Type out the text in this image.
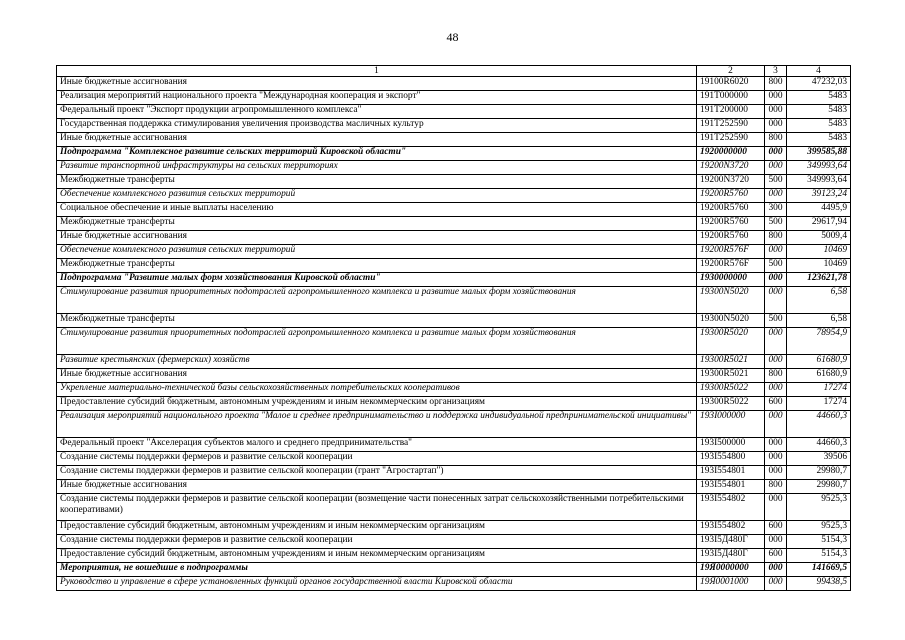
48
1	2	3	4
Иные бюджетные ассигнования	19100R6020	800	47232,03
Реализация мероприятий национального проекта "Международная кооперация и экспорт"	191T000000	000	5483
Федеральный проект "Экспорт продукции агропромышленного комплекса"	191T200000	000	5483
Государственная поддержка стимулирования увеличения производства масличных культур	191T252590	000	5483
Иные бюджетные ассигнования	191T252590	800	5483
Подпрограмма "Комплексное развитие сельских территорий Кировской области"	1920000000	000	399585,88
Развитие транспортной инфраструктуры на сельских территориях	19200N3720	000	349993,64
Межбюджетные трансферты	19200N3720	500	349993,64
Обеспечение комплексного развития сельских территорий	19200R5760	000	39123,24
Социальное обеспечение и иные выплаты населению	19200R5760	300	4495,9
Межбюджетные трансферты	19200R5760	500	29617,94
Иные бюджетные ассигнования	19200R5760	800	5009,4
Обеспечение комплексного развития сельских территорий	19200R576F	000	10469
Межбюджетные трансферты	19200R576F	500	10469
Подпрограмма "Развитие малых форм хозяйствования Кировской области"	1930000000	000	123621,78
Стимулирование развития приоритетных подотраслей агропромышленного комплекса и развитие малых форм хозяйствования	19300N5020	000	6,58
Межбюджетные трансферты	19300N5020	500	6,58
Стимулирование развития приоритетных подотраслей агропромышленного комплекса и развитие малых форм хозяйствования	19300R5020	000	78954,9
Развитие крестьянских (фермерских) хозяйств	19300R5021	000	61680,9
Иные бюджетные ассигнования	19300R5021	800	61680,9
Укрепление материально-технической базы сельскохозяйственных потребительских кооперативов	19300R5022	000	17274
Предоставление субсидий бюджетным, автономным учреждениям и иным некоммерческим организациям	19300R5022	600	17274
Реализация мероприятий национального проекта "Малое и среднее предпринимательство и поддержка индивидуальной предпринимательской инициативы"	193I000000	000	44660,3
Федеральный проект "Акселерация субъектов малого и среднего предпринимательства"	193I500000	000	44660,3
Создание системы поддержки фермеров и развитие сельской кооперации	193I554800	000	39506
Создание системы поддержки фермеров и развитие сельской кооперации (грант "Агростартап")	193I554801	000	29980,7
Иные бюджетные ассигнования	193I554801	800	29980,7
Создание системы поддержки фермеров и развитие сельской кооперации (возмещение части понесенных затрат сельскохозяйственными потребительскими кооперативами)	193I554802	000	9525,3
Предоставление субсидий бюджетным, автономным учреждениям и иным некоммерческим организациям	193I554802	600	9525,3
Создание системы поддержки фермеров и развитие сельской кооперации	193I5Д480Г	000	5154,3
Предоставление субсидий бюджетным, автономным учреждениям и иным некоммерческим организациям	193I5Д480Г	600	5154,3
Мероприятия, не вошедшие в подпрограммы	19Я0000000	000	141669,5
Руководство и управление в сфере установленных функций органов государственной власти Кировской области	19Я0001000	000	99438,5
